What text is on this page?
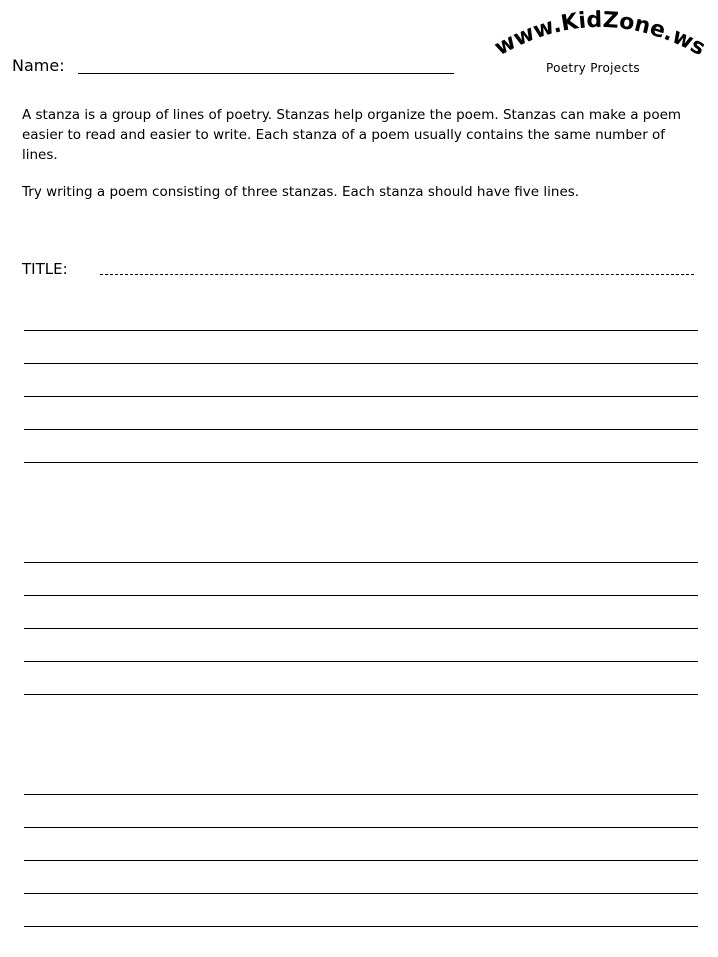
Name:
www.KidZone.ws
Poetry Projects

A stanza is a group of lines of poetry. Stanzas help organize the poem. Stanzas can make a poem easier to read and easier to write. Each stanza of a poem usually contains the same number of lines.

Try writing a poem consisting of three stanzas. Each stanza should have five lines.

TITLE:
